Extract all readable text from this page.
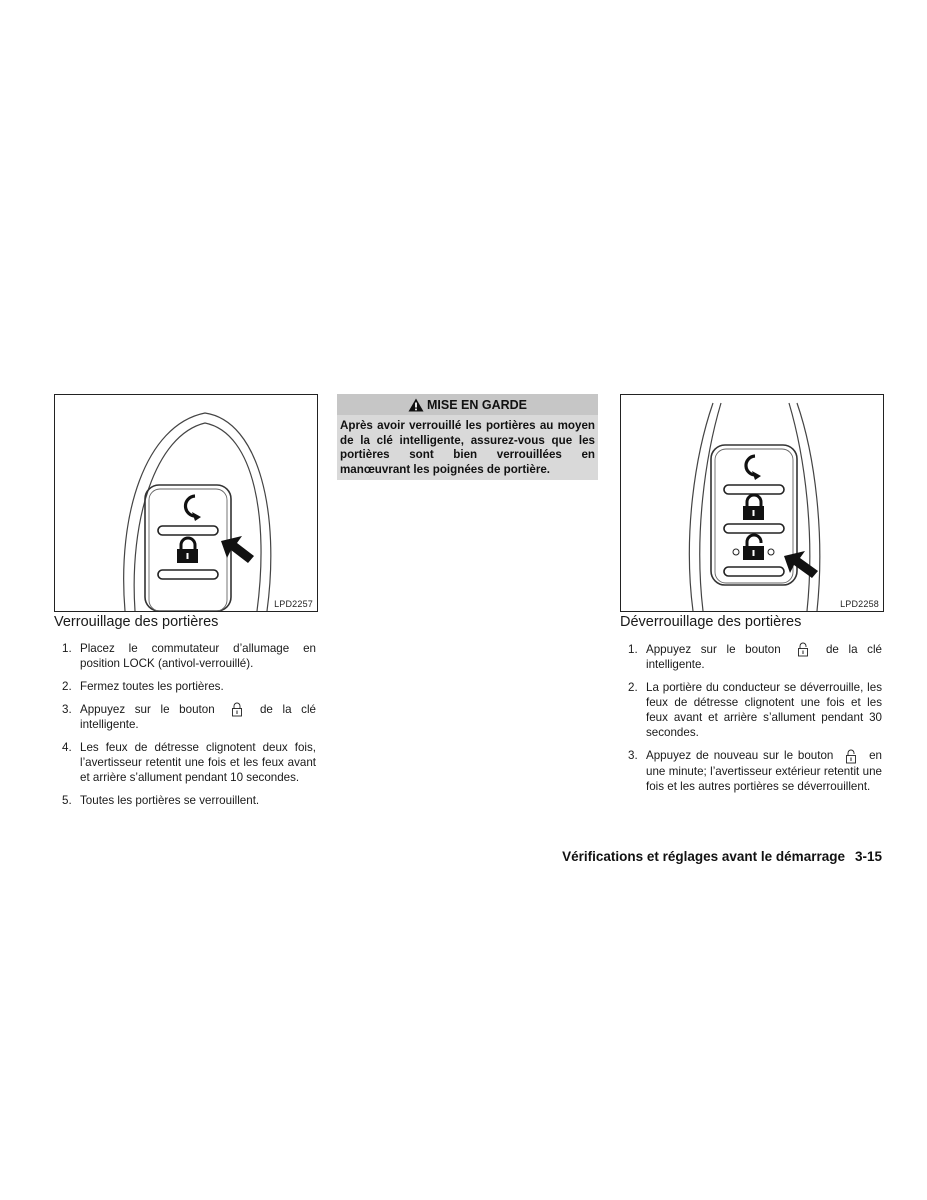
LPD2257
Verrouillage des portières
1. Placez le commutateur d’allumage en position LOCK (antivol-verrouillé).
2. Fermez toutes les portières.
3. Appuyez sur le bouton	de la clé intelligente.
4. Les feux de détresse clignotent deux fois, l’avertisseur retentit une fois et les feux avant et arrière s’allument pendant 10 secondes.
5. Toutes les portières se verrouillent.
MISE EN GARDE
Après avoir verrouillé les portières au moyen de la clé intelligente, assurez-vous que les portières sont bien verrouillées en manœuvrant les poignées de portière.
LPD2258
Déverrouillage des portières
1. Appuyez sur le bouton	de la clé intelligente.
2. La portière du conducteur se déverrouille, les feux de détresse clignotent une fois et les feux avant et arrière s’allument pendant 30 secondes.
3. Appuyez de nouveau sur le bouton	en une minute; l’avertisseur extérieur retentit une fois et les autres portières se déverrouillent.
Vérifications et réglages avant le démarrage 3-15
